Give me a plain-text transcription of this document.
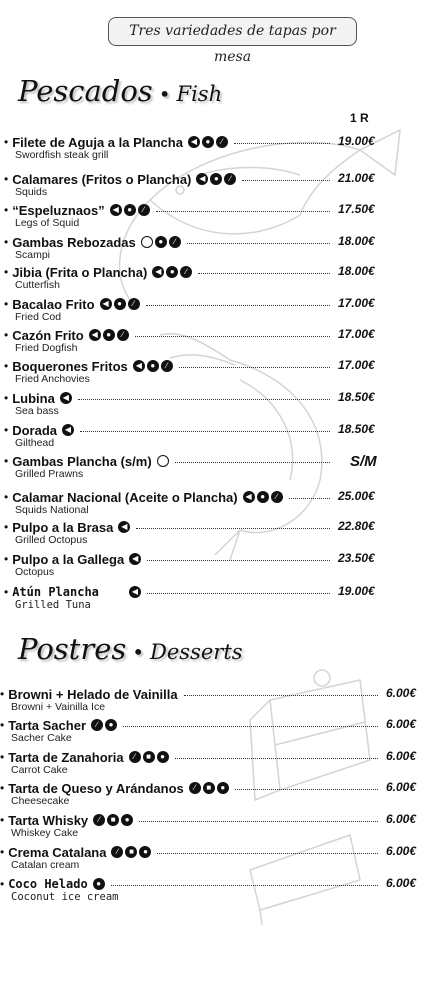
Tres variedades de tapas por mesa
Pescados • Fish
1 R
• Filete de Aguja a la Plancha ◀	●	∕	19.00€
Swordfish steak grill
• Calamares (Fritos o Plancha) ◀	●	∕	21.00€
Squids
• “Espeluznaos” ◀	●	∕	17.50€
Legs of Squid
• Gambas Rebozadas	●	∕	18.00€
Scampi
• Jibia (Frita o Plancha) ◀	●	∕	18.00€
Cutterfish
• Bacalao Frito ◀	●	∕	17.00€
Fried Cod
• Cazón Frito ◀	●	∕	17.00€
Fried Dogfish
• Boquerones Fritos ◀	●	∕	17.00€
Fried Anchovies
• Lubina ◀	18.50€
Sea bass
• Dorada ◀	18.50€
Gilthead
• Gambas Plancha (s/m)	S/M
Grilled Prawns
• Calamar Nacional (Aceite o Plancha) ◀	●	∕	25.00€
Squids National
• Pulpo a la Brasa ◀	22.80€
Grilled Octopus
• Pulpo a la Gallega ◀	23.50€
Octopus
• Atún Plancha	◀	19.00€
Grilled Tuna
Postres • Desserts
• Browni + Helado de Vainilla	6.00€
Browni + Vainilla Ice
• Tarta Sacher	∕	●	6.00€
Sacher Cake
• Tarta de Zanahoria	∕	■	●	6.00€
Carrot Cake
• Tarta de Queso y Arándanos	∕	■	●	6.00€
Cheesecake
• Tarta Whisky	∕	■	●	6.00€
Whiskey Cake
• Crema Catalana	∕	■	●	6.00€
Catalan cream
• Coco Helado	●	6.00€
Coconut ice cream
